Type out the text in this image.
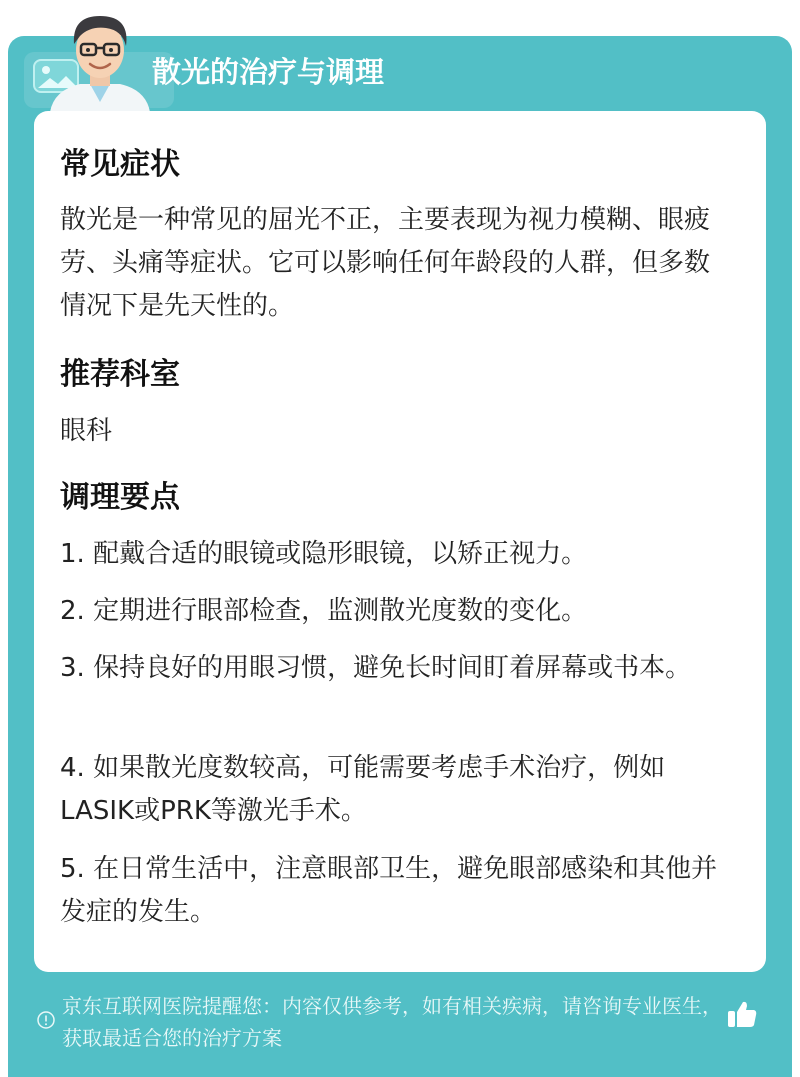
散光的治疗与调理
常见症状
散光是一种常见的屈光不正，主要表现为视力模糊、眼疲劳、头痛等症状。它可以影响任何年龄段的人群，但多数情况下是先天性的。
推荐科室
眼科
调理要点
1. 配戴合适的眼镜或隐形眼镜，以矫正视力。
2. 定期进行眼部检查，监测散光度数的变化。
3. 保持良好的用眼习惯，避免长时间盯着屏幕或书本。
4. 如果散光度数较高，可能需要考虑手术治疗，例如LASIK或PRK等激光手术。
5. 在日常生活中，注意眼部卫生，避免眼部感染和其他并发症的发生。
京东互联网医院提醒您：内容仅供参考，如有相关疾病，请咨询专业医生，获取最适合您的治疗方案
